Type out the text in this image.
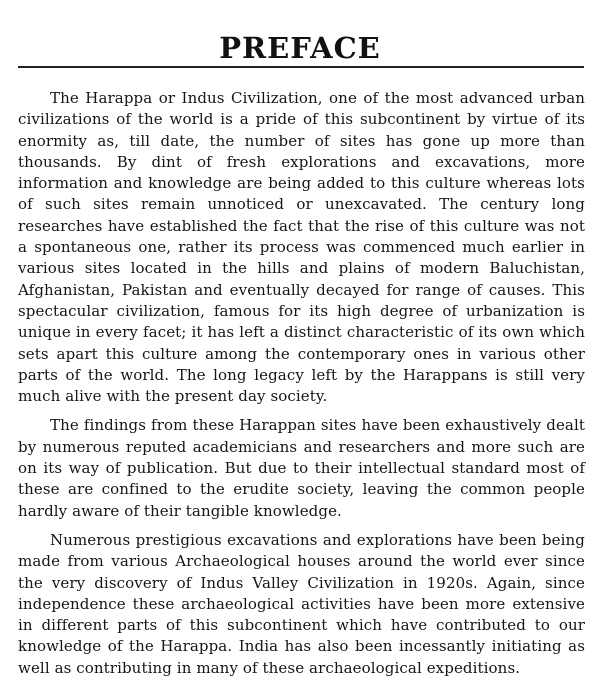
PREFACE

The Harappa or Indus Civilization, one of the most advanced urban civilizations of the world is a pride of this subcontinent by virtue of its enormity as, till date, the number of sites has gone up more than thousands. By dint of fresh explorations and excavations, more information and knowledge are being added to this culture whereas lots of such sites remain unnoticed or unexcavated. The century long researches have established the fact that the rise of this culture was not a spontaneous one, rather its process was commenced much earlier in various sites located in the hills and plains of modern Baluchistan, Afghanistan, Pakistan and eventually decayed for range of causes. This spectacular civilization, famous for its high degree of urbanization is unique in every facet; it has left a distinct characteristic of its own which sets apart this culture among the contemporary ones in various other parts of the world. The long legacy left by the Harappans is still very much alive with the present day society.

The findings from these Harappan sites have been exhaustively dealt by numerous reputed academicians and researchers and more such are on its way of publication. But due to their intellectual standard most of these are confined to the erudite society, leaving the common people hardly aware of their tangible knowledge.

Numerous prestigious excavations and explorations have been being made from various Archaeological houses around the world ever since the very discovery of Indus Valley Civilization in 1920s. Again, since independence these archaeological activities have been more extensive in different parts of this subcontinent which have contributed to our knowledge of the Harappa. India has also been incessantly initiating as well as contributing in many of these archaeological expeditions.
